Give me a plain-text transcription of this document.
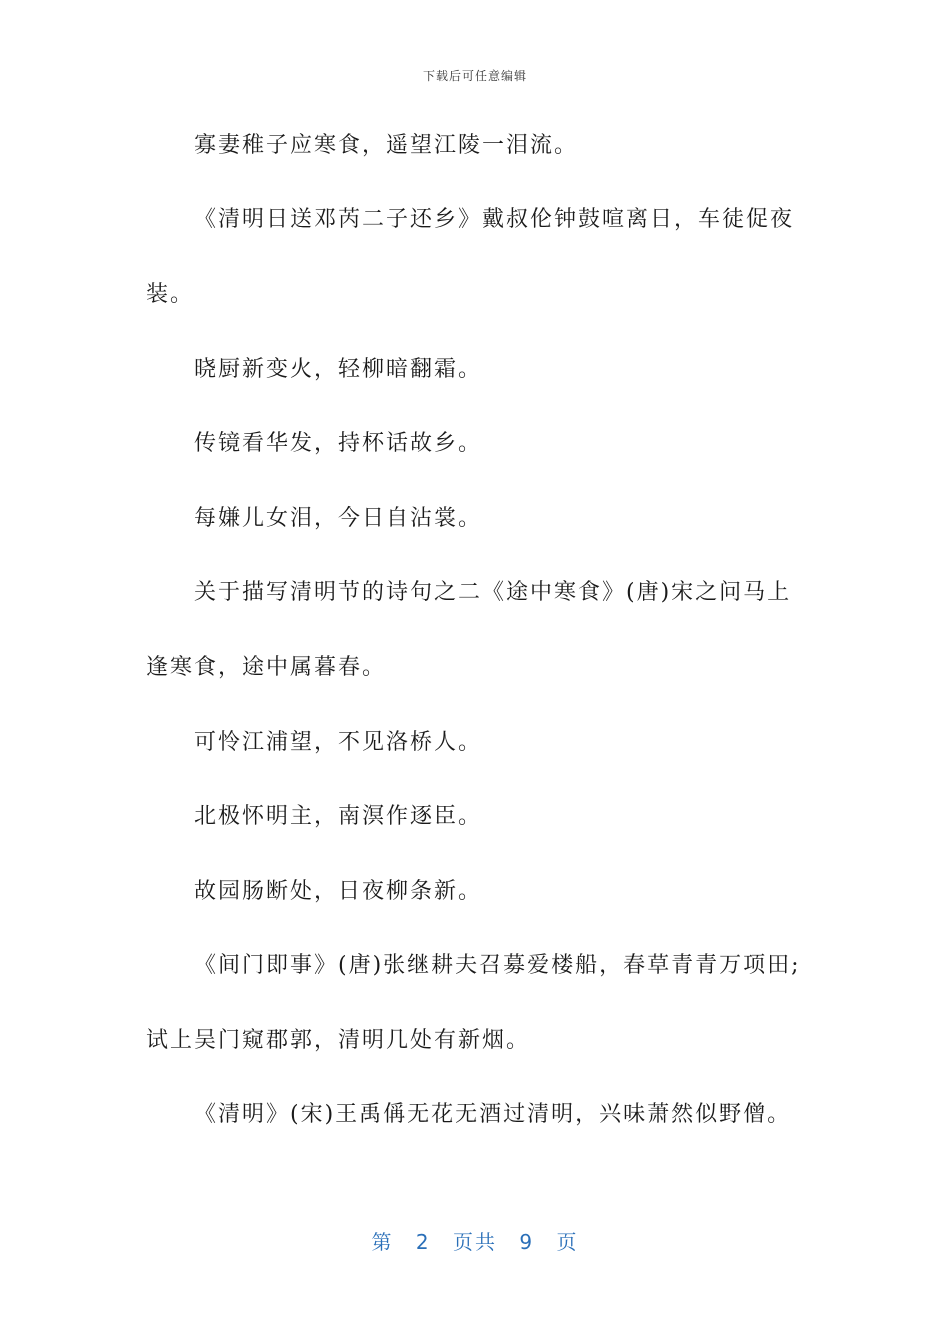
下载后可任意编辑
寡妻稚子应寒食，遥望江陵一泪流。
《清明日送邓芮二子还乡》戴叔伦钟鼓喧离日，车徒促夜
装。
晓厨新变火，轻柳暗翻霜。
传镜看华发，持杯话故乡。
每嫌儿女泪，今日自沾裳。
关于描写清明节的诗句之二《途中寒食》(唐)宋之问马上
逢寒食，途中属暮春。
可怜江浦望，不见洛桥人。
北极怀明主，南溟作逐臣。
故园肠断处，日夜柳条新。
《间门即事》(唐)张继耕夫召募爱楼船，春草青青万项田;
试上吴门窥郡郭，清明几处有新烟。
《清明》(宋)王禹偁无花无酒过清明，兴味萧然似野僧。
第 2 页共 9 页
